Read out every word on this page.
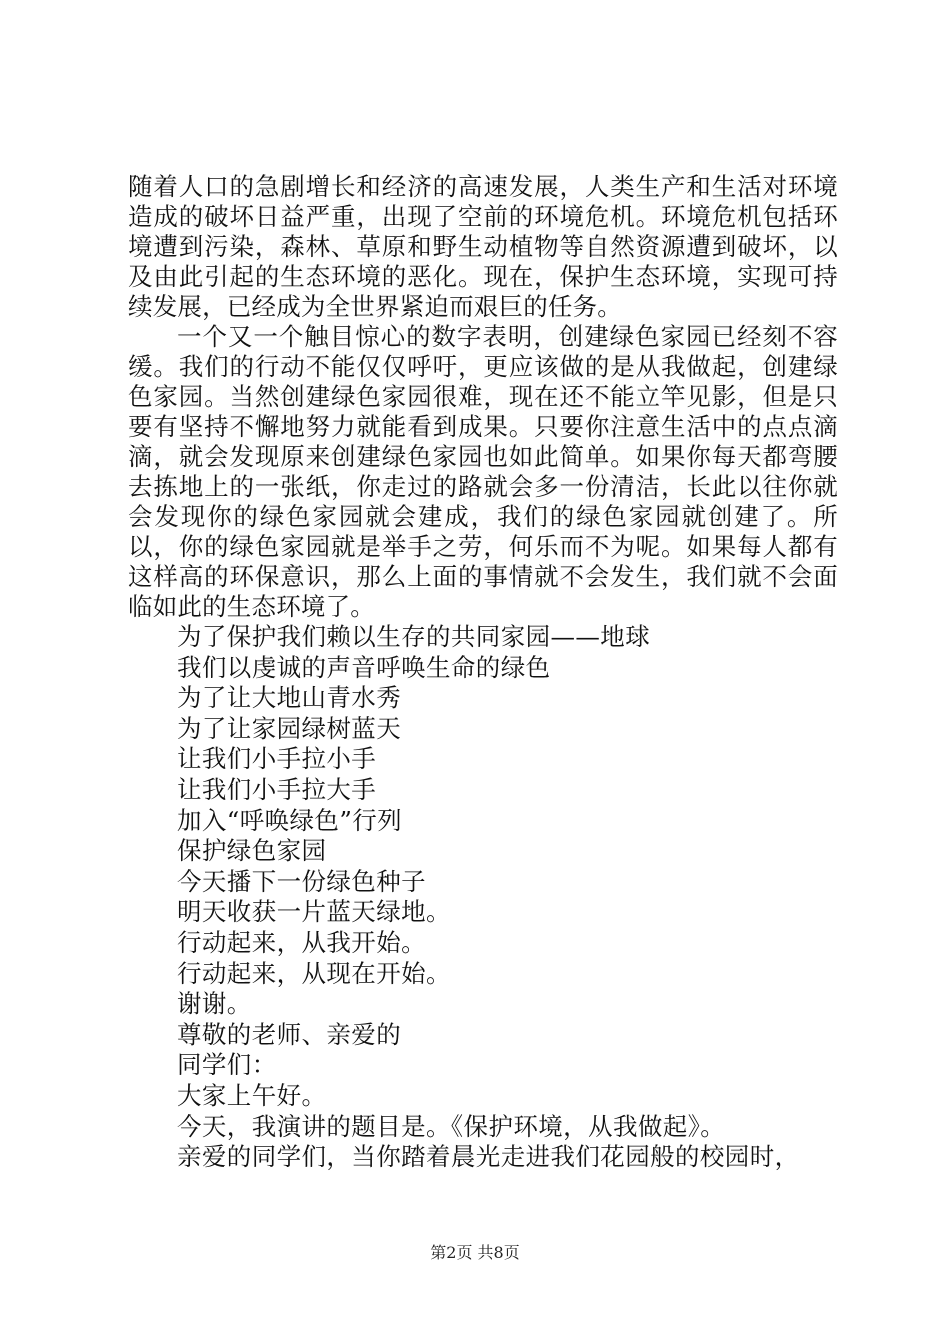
随着人口的急剧增长和经济的高速发展，人类生产和生活对环境造成的破坏日益严重，出现了空前的环境危机。环境危机包括环境遭到污染，森林、草原和野生动植物等自然资源遭到破坏，以及由此引起的生态环境的恶化。现在，保护生态环境，实现可持续发展，已经成为全世界紧迫而艰巨的任务。

一个又一个触目惊心的数字表明，创建绿色家园已经刻不容缓。我们的行动不能仅仅呼吁，更应该做的是从我做起，创建绿色家园。当然创建绿色家园很难，现在还不能立竿见影，但是只要有坚持不懈地努力就能看到成果。只要你注意生活中的点点滴滴，就会发现原来创建绿色家园也如此简单。如果你每天都弯腰去拣地上的一张纸，你走过的路就会多一份清洁，长此以往你就会发现你的绿色家园就会建成，我们的绿色家园就创建了。所以，你的绿色家园就是举手之劳，何乐而不为呢。如果每人都有这样高的环保意识，那么上面的事情就不会发生，我们就不会面临如此的生态环境了。

为了保护我们赖以生存的共同家园——地球
我们以虔诚的声音呼唤生命的绿色
为了让大地山青水秀
为了让家园绿树蓝天
让我们小手拉小手
让我们小手拉大手
加入“呼唤绿色”行列
保护绿色家园
今天播下一份绿色种子
明天收获一片蓝天绿地。
行动起来，从我开始。
行动起来，从现在开始。
谢谢。
尊敬的老师、亲爱的
同学们：
大家上午好。
今天，我演讲的题目是。《保护环境，从我做起》。
亲爱的同学们，当你踏着晨光走进我们花园般的校园时，
第2页 共8页
